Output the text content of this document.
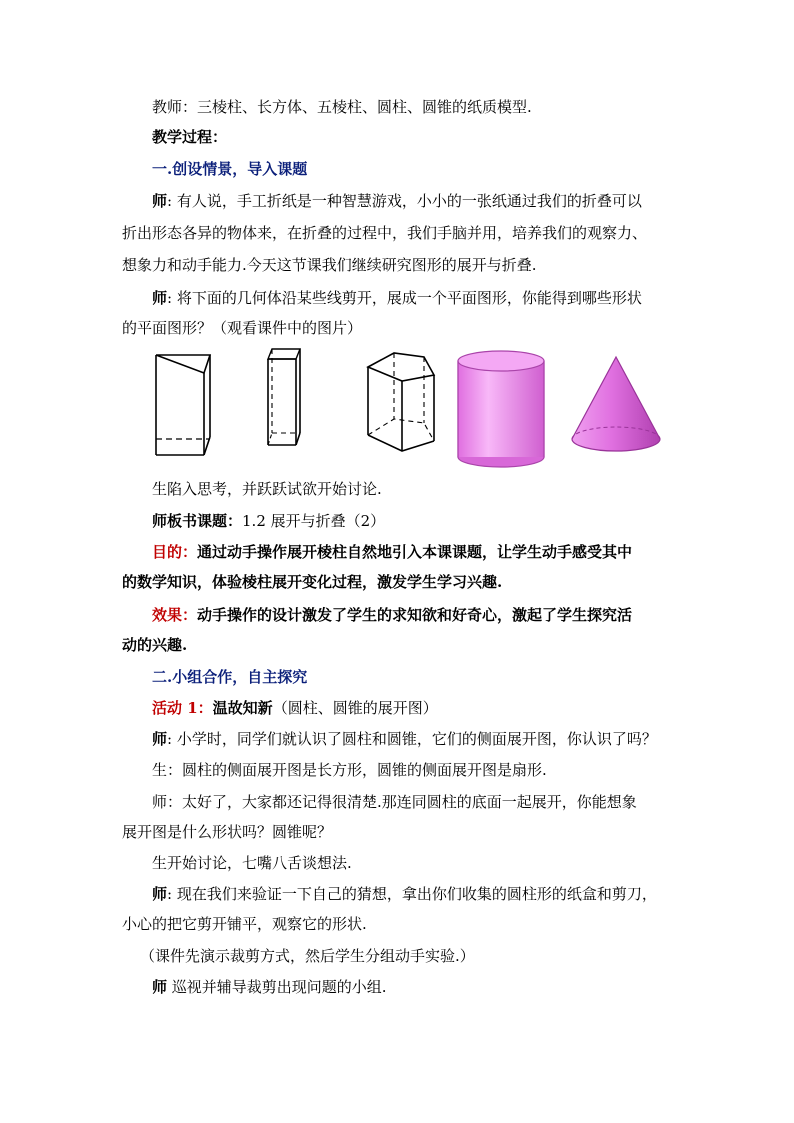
教师：三棱柱、长方体、五棱柱、圆柱、圆锥的纸质模型.
教学过程：
一.创设情景，导入课题
师: 有人说，手工折纸是一种智慧游戏，小小的一张纸通过我们的折叠可以
折出形态各异的物体来，在折叠的过程中，我们手脑并用，培养我们的观察力、
想象力和动手能力.今天这节课我们继续研究图形的展开与折叠.
师: 将下面的几何体沿某些线剪开，展成一个平面图形，你能得到哪些形状
的平面图形？（观看课件中的图片）
生陷入思考，并跃跃试欲开始讨论.
师板书课题：1.2 展开与折叠（2）
目的：通过动手操作展开棱柱自然地引入本课课题，让学生动手感受其中
的数学知识，体验棱柱展开变化过程，激发学生学习兴趣.
效果：动手操作的设计激发了学生的求知欲和好奇心，激起了学生探究活
动的兴趣.
二.小组合作，自主探究
活动 1：温故知新（圆柱、圆锥的展开图）
师: 小学时，同学们就认识了圆柱和圆锥，它们的侧面展开图，你认识了吗？
生：圆柱的侧面展开图是长方形，圆锥的侧面展开图是扇形.
师：太好了，大家都还记得很清楚.那连同圆柱的底面一起展开，你能想象
展开图是什么形状吗？圆锥呢？
生开始讨论，七嘴八舌谈想法.
师: 现在我们来验证一下自己的猜想，拿出你们收集的圆柱形的纸盒和剪刀，
小心的把它剪开铺平，观察它的形状.
（课件先演示裁剪方式，然后学生分组动手实验.）
师 巡视并辅导裁剪出现问题的小组.
